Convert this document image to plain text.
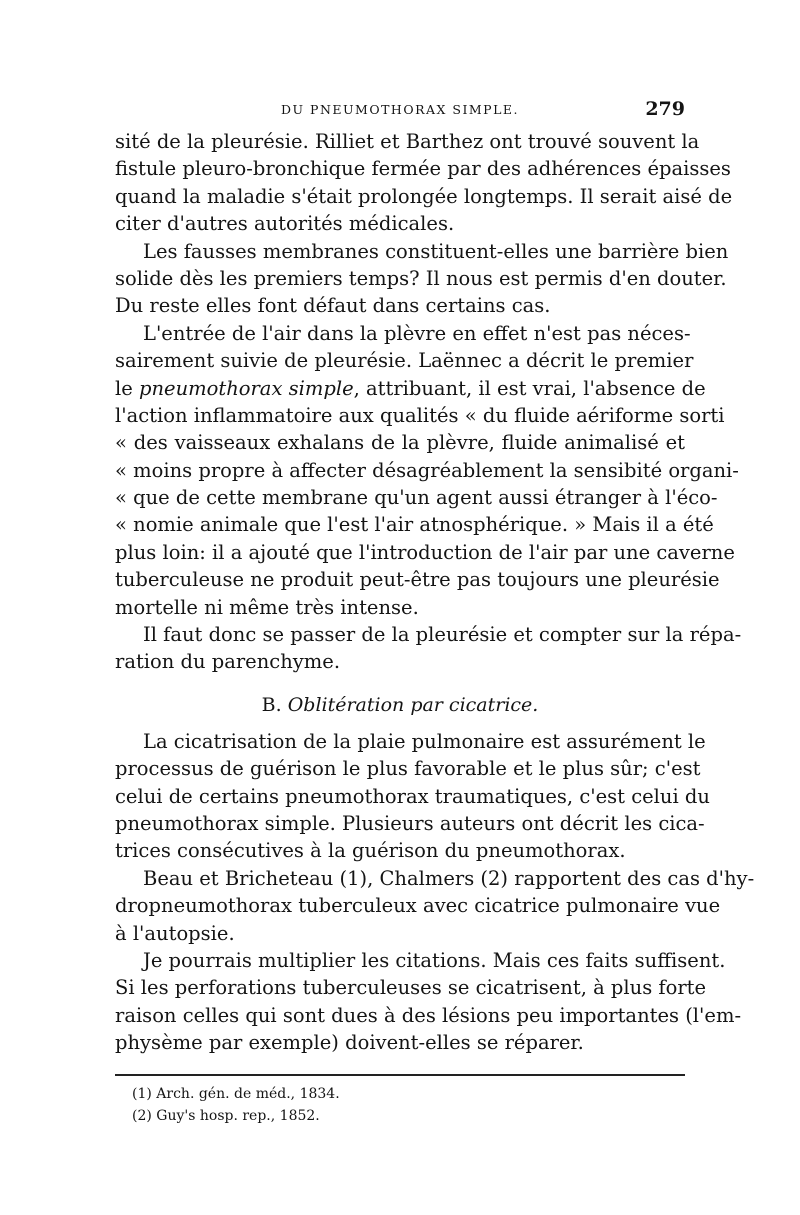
DU PNEUMOTHORAX SIMPLE.	279
sité de la pleurésie. Rilliet et Barthez ont trouvé souvent la
fistule pleuro-bronchique fermée par des adhérences épaisses
quand la maladie s'était prolongée longtemps. Il serait aisé de
citer d'autres autorités médicales.
Les fausses membranes constituent-elles une barrière bien
solide dès les premiers temps? Il nous est permis d'en douter.
Du reste elles font défaut dans certains cas.
L'entrée de l'air dans la plèvre en effet n'est pas néces-
sairement suivie de pleurésie. Laënnec a décrit le premier
le pneumothorax simple, attribuant, il est vrai, l'absence de
l'action inflammatoire aux qualités « du fluide aériforme sorti
« des vaisseaux exhalans de la plèvre, fluide animalisé et
« moins propre à affecter désagréablement la sensibité organi-
« que de cette membrane qu'un agent aussi étranger à l'éco-
« nomie animale que l'est l'air atnosphérique. » Mais il a été
plus loin: il a ajouté que l'introduction de l'air par une caverne
tuberculeuse ne produit peut-être pas toujours une pleurésie
mortelle ni même très intense.
Il faut donc se passer de la pleurésie et compter sur la répa-
ration du parenchyme.
B. Oblitération par cicatrice.
La cicatrisation de la plaie pulmonaire est assurément le
processus de guérison le plus favorable et le plus sûr; c'est
celui de certains pneumothorax traumatiques, c'est celui du
pneumothorax simple. Plusieurs auteurs ont décrit les cica-
trices consécutives à la guérison du pneumothorax.
Beau et Bricheteau (1), Chalmers (2) rapportent des cas d'hy-
dropneumothorax tuberculeux avec cicatrice pulmonaire vue
à l'autopsie.
Je pourrais multiplier les citations. Mais ces faits suffisent.
Si les perforations tuberculeuses se cicatrisent, à plus forte
raison celles qui sont dues à des lésions peu importantes (l'em-
physème par exemple) doivent-elles se réparer.
(1) Arch. gén. de méd., 1834.
(2) Guy's hosp. rep., 1852.
